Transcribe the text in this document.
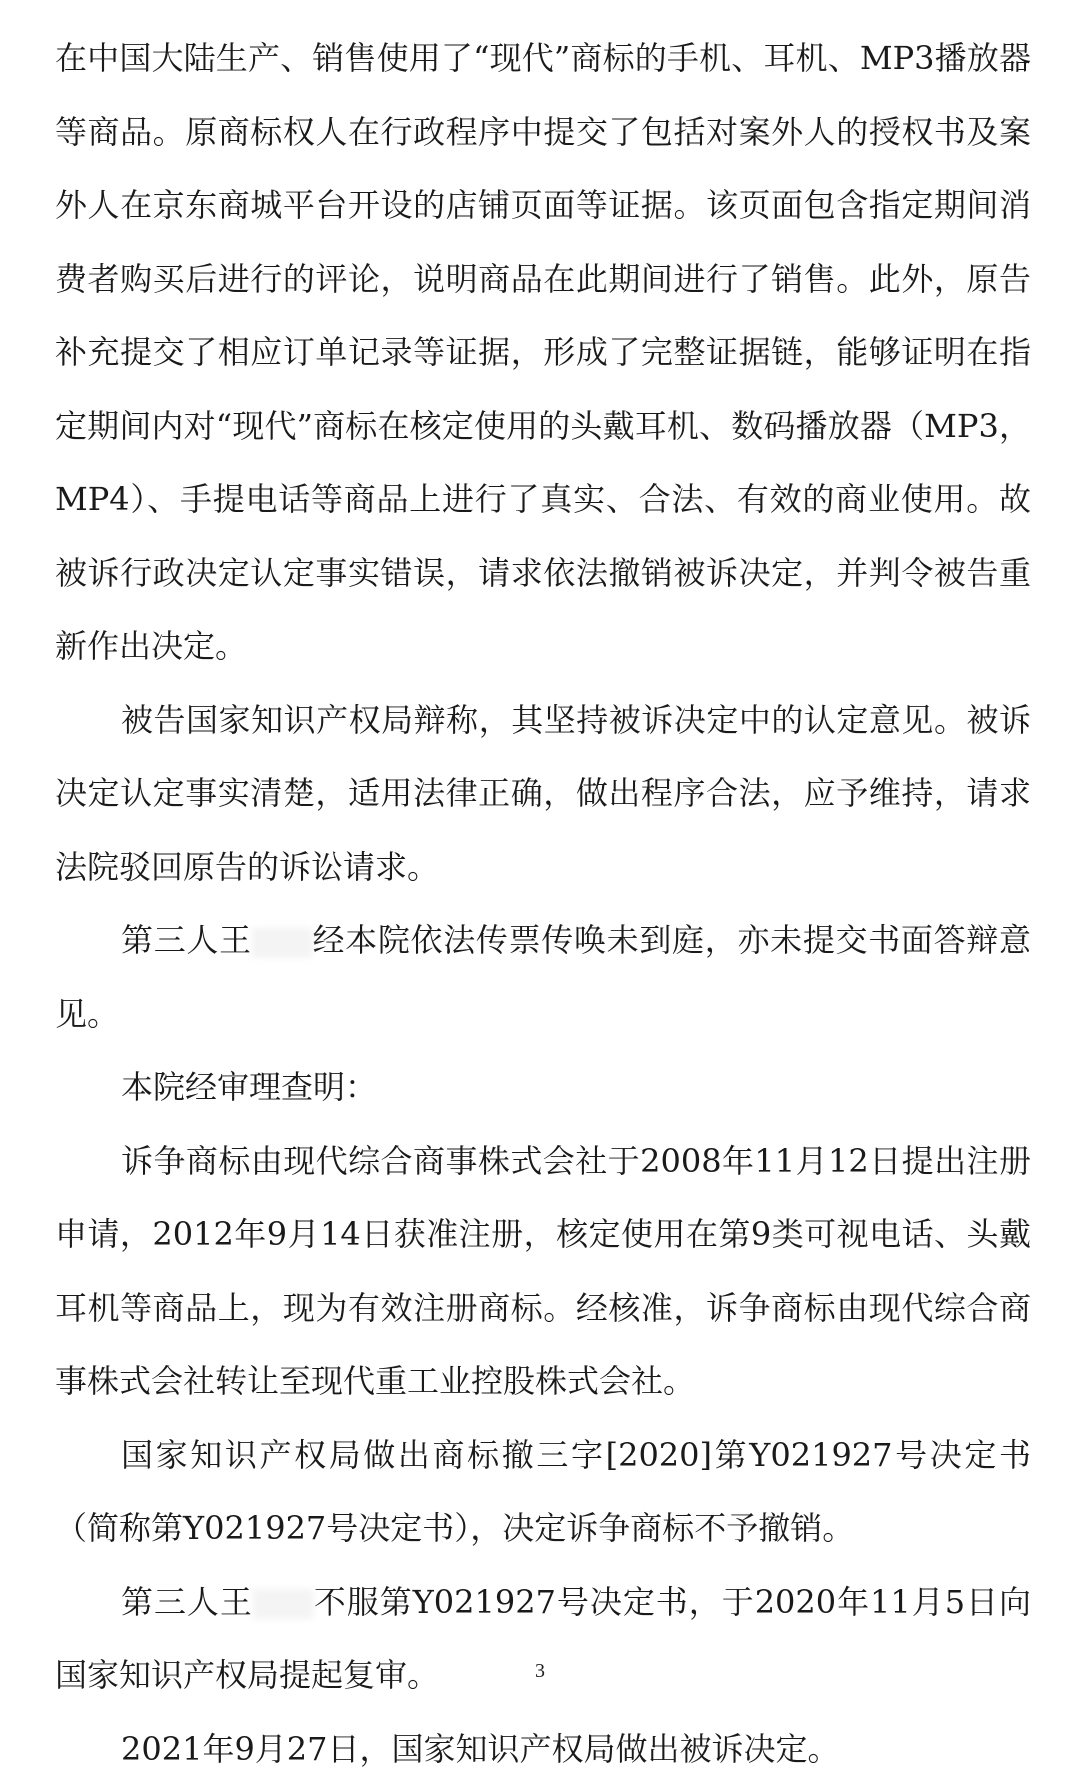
在中国大陆生产、销售使用了“现代”商标的手机、耳机、MP3播放器等商品。原商标权人在行政程序中提交了包括对案外人的授权书及案外人在京东商城平台开设的店铺页面等证据。该页面包含指定期间消费者购买后进行的评论，说明商品在此期间进行了销售。此外，原告补充提交了相应订单记录等证据，形成了完整证据链，能够证明在指定期间内对“现代”商标在核定使用的头戴耳机、数码播放器（MP3，MP4）、手提电话等商品上进行了真实、合法、有效的商业使用。故被诉行政决定认定事实错误，请求依法撤销被诉决定，并判令被告重新作出决定。

被告国家知识产权局辩称，其坚持被诉决定中的认定意见。被诉决定认定事实清楚，适用法律正确，做出程序合法，应予维持，请求法院驳回原告的诉讼请求。

第三人王 经本院依法传票传唤未到庭，亦未提交书面答辩意见。

本院经审理查明：

诉争商标由现代综合商事株式会社于2008年11月12日提出注册申请，2012年9月14日获准注册，核定使用在第9类可视电话、头戴耳机等商品上，现为有效注册商标。经核准，诉争商标由现代综合商事株式会社转让至现代重工业控股株式会社。

国家知识产权局做出商标撤三字[2020]第Y021927号决定书（简称第Y021927号决定书），决定诉争商标不予撤销。

第三人王 不服第Y021927号决定书，于2020年11月5日向国家知识产权局提起复审。

2021年9月27日，国家知识产权局做出被诉决定。

3
